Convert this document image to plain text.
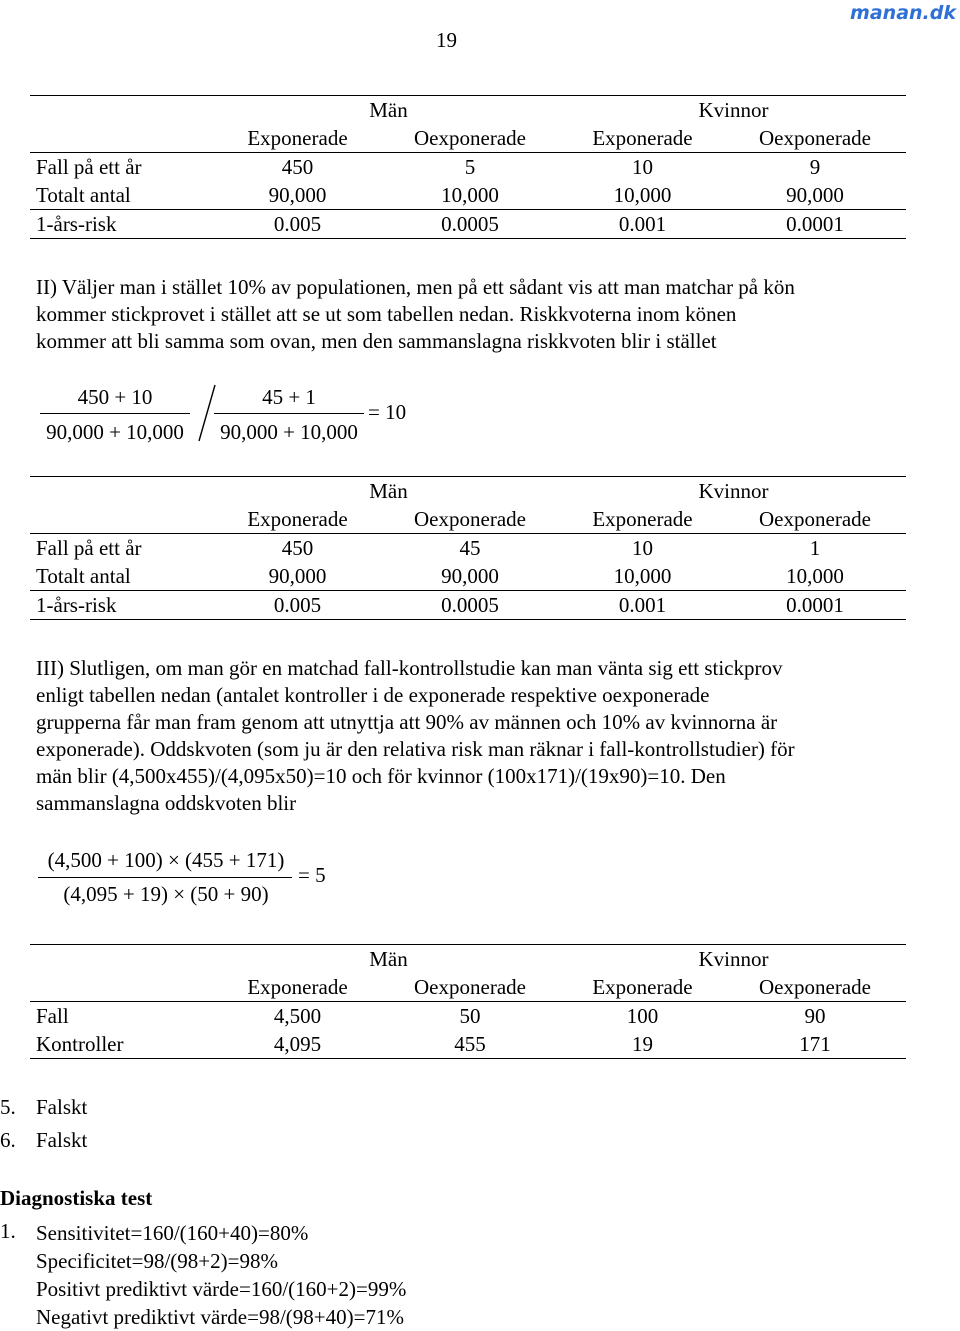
manan.dk
19
	Män		Kvinnor	
	Exponerade	Oexponerade	Exponerade	Oexponerade
Fall på ett år	450	5	10	9
Totalt antal	90,000	10,000	10,000	90,000
1-års-risk	0.005	0.0005	0.001	0.0001

II) Väljer man i stället 10% av populationen, men på ett sådant vis att man matchar på kön

kommer stickprovet i stället att se ut som tabellen nedan. Riskkvoterna inom könen

kommer att bli samma som ovan, men den sammanslagna riskkvoten blir i stället

450 + 10
90,000 + 10,000
45 + 1
90,000 + 10,000
= 10
	Män		Kvinnor	
	Exponerade	Oexponerade	Exponerade	Oexponerade
Fall på ett år	450	45	10	1
Totalt antal	90,000	90,000	10,000	10,000
1-års-risk	0.005	0.0005	0.001	0.0001

III) Slutligen, om man gör en matchad fall-kontrollstudie kan man vänta sig ett stickprov

enligt tabellen nedan (antalet kontroller i de exponerade respektive oexponerade

grupperna får man fram genom att utnyttja att 90% av männen och 10% av kvinnorna är

exponerade). Oddskvoten (som ju är den relativa risk man räknar i fall-kontrollstudier) för

män blir (4,500x455)/(4,095x50)=10 och för kvinnor (100x171)/(19x90)=10. Den

sammanslagna oddskvoten blir

(4,500 + 100) × (455 + 171)
(4,095 + 19) × (50 + 90)
= 5
	Män		Kvinnor	
	Exponerade	Oexponerade	Exponerade	Oexponerade
Fall	4,500	50	100	90
Kontroller	4,095	455	19	171
5. Falskt
6. Falskt
Diagnostiska test
1. Sensitivitet=160/(160+40)=80%
Specificitet=98/(98+2)=98%
Positivt prediktivt värde=160/(160+2)=99%
Negativt prediktivt värde=98/(98+40)=71%
